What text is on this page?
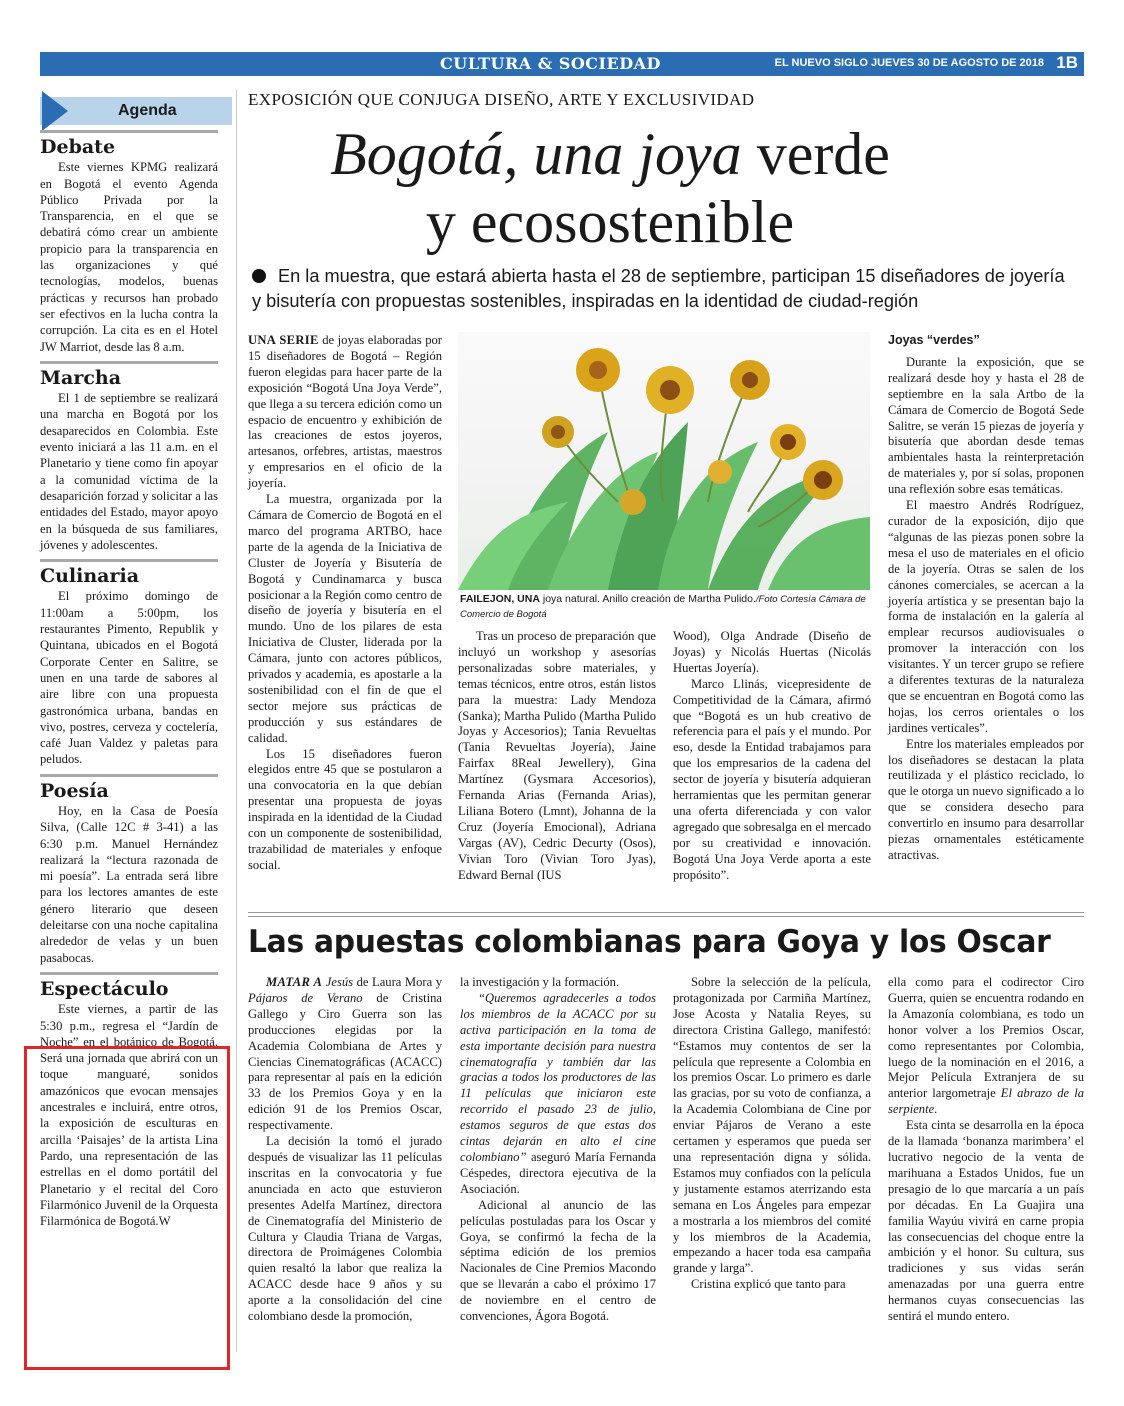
CULTURA & SOCIEDAD	EL NUEVO SIGLO JUEVES 30 DE AGOSTO DE 2018 1B
Agenda
Debate

Este viernes KPMG realizará en Bogotá el evento Agenda Público Privada por la Transparencia, en el que se debatirá cómo crear un ambiente propicio para la transparencia en las organizaciones y qué tecnologías, modelos, buenas prácticas y recursos han probado ser efectivos en la lucha contra la corrupción. La cita es en el Hotel JW Marriot, desde las 8 a.m.

Marcha

El 1 de septiembre se realizará una marcha en Bogotá por los desaparecidos en Colombia. Este evento iniciará a las 11 a.m. en el Planetario y tiene como fin apoyar a la comunidad víctima de la desaparición forzad y solicitar a las entidades del Estado, mayor apoyo en la búsqueda de sus familiares, jóvenes y adolescentes.

Culinaria

El próximo domingo de 11:00am a 5:00pm, los restaurantes Pimento, Republik y Quintana, ubicados en el Bogotá Corporate Center en Salitre, se unen en una tarde de sabores al aire libre con una propuesta gastronómica urbana, bandas en vivo, postres, cerveza y coctelería, café Juan Valdez y paletas para peludos.

Poesía

Hoy, en la Casa de Poesía Silva, (Calle 12C # 3-41) a las 6:30 p.m. Manuel Hernández realizará la “lectura razonada de mi poesía”. La entrada será libre para los lectores amantes de este género literario que deseen deleitarse con una noche capitalina alrededor de velas y un buen pasabocas.

Espectáculo

Este viernes, a partir de las 5:30 p.m., regresa el “Jardín de Noche” en el botánico de Bogotá. Será una jornada que abrirá con un toque manguaré, sonidos amazónicos que evocan mensajes ancestrales e incluirá, entre otros, la exposición de esculturas en arcilla ‘Paisajes’ de la artista Lina Pardo, una representación de las estrellas en el domo portátil del Planetario y el recital del Coro Filarmónico Juvenil de la Orquesta Filarmónica de Bogotá.W

EXPOSICIÓN QUE CONJUGA DISEÑO, ARTE Y EXCLUSIVIDAD
Bogotá, una joya verde
y ecosostenible
En la muestra, que estará abierta hasta el 28 de septiembre, participan 15 diseñadores de joyería y bisutería con propuestas sostenibles, inspiradas en la identidad de ciudad-región

UNA SERIE de joyas elaboradas por 15 diseñadores de Bogotá – Región fueron elegidas para hacer parte de la exposición “Bogotá Una Joya Verde”, que llega a su tercera edición como un espacio de encuentro y exhibición de las creaciones de estos joyeros, artesanos, orfebres, artistas, maestros y empresarios en el oficio de la joyería.

La muestra, organizada por la Cámara de Comercio de Bogotá en el marco del programa ARTBO, hace parte de la agenda de la Iniciativa de Cluster de Joyería y Bisutería de Bogotá y Cundinamarca y busca posicionar a la Región como centro de diseño de joyería y bisutería en el mundo. Uno de los pilares de esta Iniciativa de Cluster, liderada por la Cámara, junto con actores públicos, privados y academia, es apostarle a la sostenibilidad con el fin de que el sector mejore sus prácticas de producción y sus estándares de calidad.

Los 15 diseñadores fueron elegidos entre 45 que se postularon a una convocatoria en la que debían presentar una propuesta de joyas inspirada en la identidad de la Ciudad con un componente de sostenibilidad, trazabilidad de materiales y enfoque social.

FAILEJON, UNA joya natural. Anillo creación de Martha Pulido./Foto Cortesía Cámara de Comercio de Bogotá

Tras un proceso de preparación que incluyó un workshop y asesorías personalizadas sobre materiales, y temas técnicos, entre otros, están listos para la muestra: Lady Mendoza (Sanka); Martha Pulido (Martha Pulido Joyas y Accesorios); Tania Revueltas (Tania Revueltas Joyería), Jaine Fairfax 8Real Jewellery), Gina Martínez (Gysmara Accesorios), Fernanda Arias (Fernanda Arias), Liliana Botero (Lmnt), Johanna de la Cruz (Joyería Emocional), Adriana Vargas (AV), Cedric Decurty (Osos), Vivian Toro (Vivian Toro Jyas), Edward Bernal (IUS

Wood), Olga Andrade (Diseño de Joyas) y Nicolás Huertas (Nicolás Huertas Joyería).

Marco Llinás, vicepresidente de Competitividad de la Cámara, afirmó que “Bogotá es un hub creativo de referencia para el país y el mundo. Por eso, desde la Entidad trabajamos para que los empresarios de la cadena del sector de joyería y bisutería adquieran herramientas que les permitan generar una oferta diferenciada y con valor agregado que sobresalga en el mercado por su creatividad e innovación. Bogotá Una Joya Verde aporta a este propósito”.

Joyas “verdes”

Durante la exposición, que se realizará desde hoy y hasta el 28 de septiembre en la sala Artbo de la Cámara de Comercio de Bogotá Sede Salitre, se verán 15 piezas de joyería y bisutería que abordan desde temas ambientales hasta la reinterpretación de materiales y, por sí solas, proponen una reflexión sobre esas temáticas.

El maestro Andrés Rodríguez, curador de la exposición, dijo que “algunas de las piezas ponen sobre la mesa el uso de materiales en el oficio de la joyería. Otras se salen de los cánones comerciales, se acercan a la joyería artística y se presentan bajo la forma de instalación en la galería al emplear recursos audiovisuales o promover la interacción con los visitantes. Y un tercer grupo se refiere a diferentes texturas de la naturaleza que se encuentran en Bogotá como las hojas, los cerros orientales o los jardines verticales”.

Entre los materiales empleados por los diseñadores se destacan la plata reutilizada y el plástico reciclado, lo que le otorga un nuevo significado a lo que se considera desecho para convertirlo en insumo para desarrollar piezas ornamentales estéticamente atractivas.

Las apuestas colombianas para Goya y los Oscar

MATAR A Jesús de Laura Mora y Pájaros de Verano de Cristina Gallego y Ciro Guerra son las producciones elegidas por la Academia Colombiana de Artes y Ciencias Cinematográficas (ACACC) para representar al país en la edición 33 de los Premios Goya y en la edición 91 de los Premios Oscar, respectivamente.

La decisión la tomó el jurado después de visualizar las 11 películas inscritas en la convocatoria y fue anunciada en acto que estuvieron presentes Adelfa Martínez, directora de Cinematografía del Ministerio de Cultura y Claudia Triana de Vargas, directora de Proimágenes Colombia quien resaltó la labor que realiza la ACACC desde hace 9 años y su aporte a la consolidación del cine colombiano desde la promoción,

la investigación y la formación.

“Queremos agradecerles a todos los miembros de la ACACC por su activa participación en la toma de esta importante decisión para nuestra cinematografía y también dar las gracias a todos los productores de las 11 películas que iniciaron este recorrido el pasado 23 de julio, estamos seguros de que estas dos cintas dejarán en alto el cine colombiano” aseguró María Fernanda Céspedes, directora ejecutiva de la Asociación.

Adicional al anuncio de las películas postuladas para los Oscar y Goya, se confirmó la fecha de la séptima edición de los premios Nacionales de Cine Premios Macondo que se llevarán a cabo el próximo 17 de noviembre en el centro de convenciones, Ágora Bogotá.

Sobre la selección de la película, protagonizada por Carmiña Martínez, Jose Acosta y Natalia Reyes, su directora Cristina Gallego, manifestó: “Estamos muy contentos de ser la película que represente a Colombia en los premios Oscar. Lo primero es darle las gracias, por su voto de confianza, a la Academia Colombiana de Cine por enviar Pájaros de Verano a este certamen y esperamos que pueda ser una representación digna y sólida. Estamos muy confiados con la película y justamente estamos aterrizando esta semana en Los Ángeles para empezar a mostrarla a los miembros del comité y los miembros de la Academia, empezando a hacer toda esa campaña grande y larga”.

Cristina explicó que tanto para

ella como para el codirector Ciro Guerra, quien se encuentra rodando en la Amazonía colombiana, es todo un honor volver a los Premios Oscar, como representantes por Colombia, luego de la nominación en el 2016, a Mejor Película Extranjera de su anterior largometraje El abrazo de la serpiente.

Esta cinta se desarrolla en la época de la llamada ‘bonanza marimbera’ el lucrativo negocio de la venta de marihuana a Estados Unidos, fue un presagio de lo que marcaría a un país por décadas. En La Guajira una familia Wayúu vivirá en carne propia las consecuencias del choque entre la ambición y el honor. Su cultura, sus tradiciones y sus vidas serán amenazadas por una guerra entre hermanos cuyas consecuencias las sentirá el mundo entero.
